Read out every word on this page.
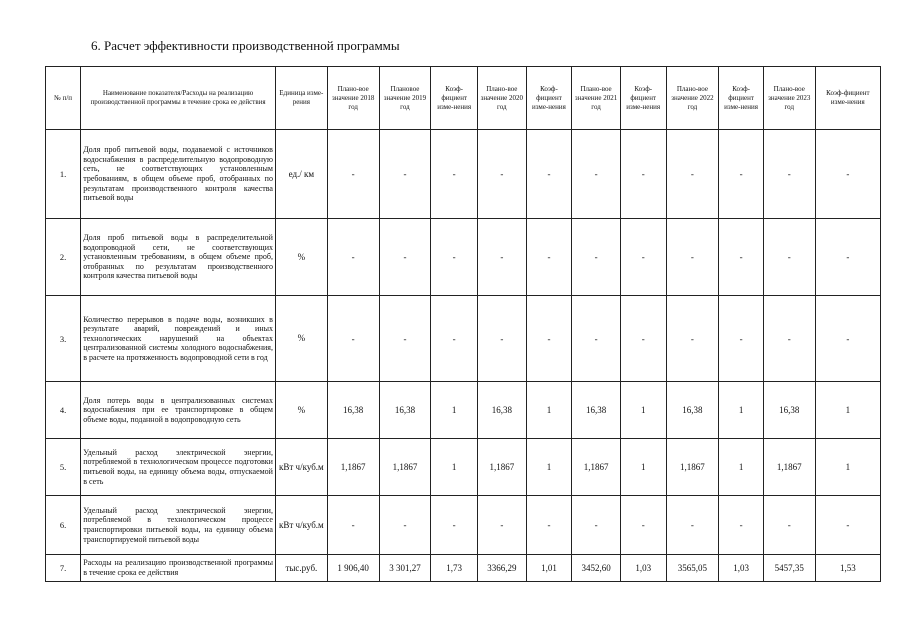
6. Расчет эффективности производственной программы
№ п/п	Наименование показателя/Расходы на реализацию производственной программы в течение срока ее действия	Единица изме-рения	Плано-вое значение 2018 год	Плановое значение 2019 год	Коэф-фициент изме-нения	Плано-вое значение 2020 год	Коэф-фициент изме-нения	Плано-вое значение 2021 год	Коэф-фициент изме-нения	Плано-вое значение 2022 год	Коэф-фициент изме-нения	Плано-вое значение 2023 год	Коэф-фициент изме-нения
1.	Доля проб питьевой воды, подаваемой с источников водоснабжения в распределительную водопроводную сеть, не соответствующих установленным требованиям, в общем объеме проб, отобранных по результатам производственного контроля качества питьевой воды	ед./ км	-	-	-	-	-	-	-	-	-	-	-
2.	Доля проб питьевой воды в распределительной водопроводной сети, не соответствующих установленным требованиям, в общем объеме проб, отобранных по результатам производственного контроля качества питьевой воды	%	-	-	-	-	-	-	-	-	-	-	-
3.	Количество перерывов в подаче воды, возникших в результате аварий, повреждений и иных технологических нарушений на объектах централизованной системы холодного водоснабжения, в расчете на протяженность водопроводной сети в год	%	-	-	-	-	-	-	-	-	-	-	-
4.	Доля потерь воды в централизованных системах водоснабжения при ее транспортировке в общем объеме воды, поданной в водопроводную сеть	%	16,38	16,38	1	16,38	1	16,38	1	16,38	1	16,38	1
5.	Удельный расход электрической энергии, потребляемой в технологическом процессе подготовки питьевой воды, на единицу объема воды, отпускаемой в сеть	кВт ч/куб.м	1,1867	1,1867	1	1,1867	1	1,1867	1	1,1867	1	1,1867	1
6.	Удельный расход электрической энергии, потребляемой в технологическом процессе транспортировки питьевой воды, на единицу объема транспортируемой питьевой воды	кВт ч/куб.м	-	-	-	-	-	-	-	-	-	-	-
7.	Расходы на реализацию производственной программы в течение срока ее действия	тыс.руб.	1 906,40	3 301,27	1,73	3366,29	1,01	3452,60	1,03	3565,05	1,03	5457,35	1,53
